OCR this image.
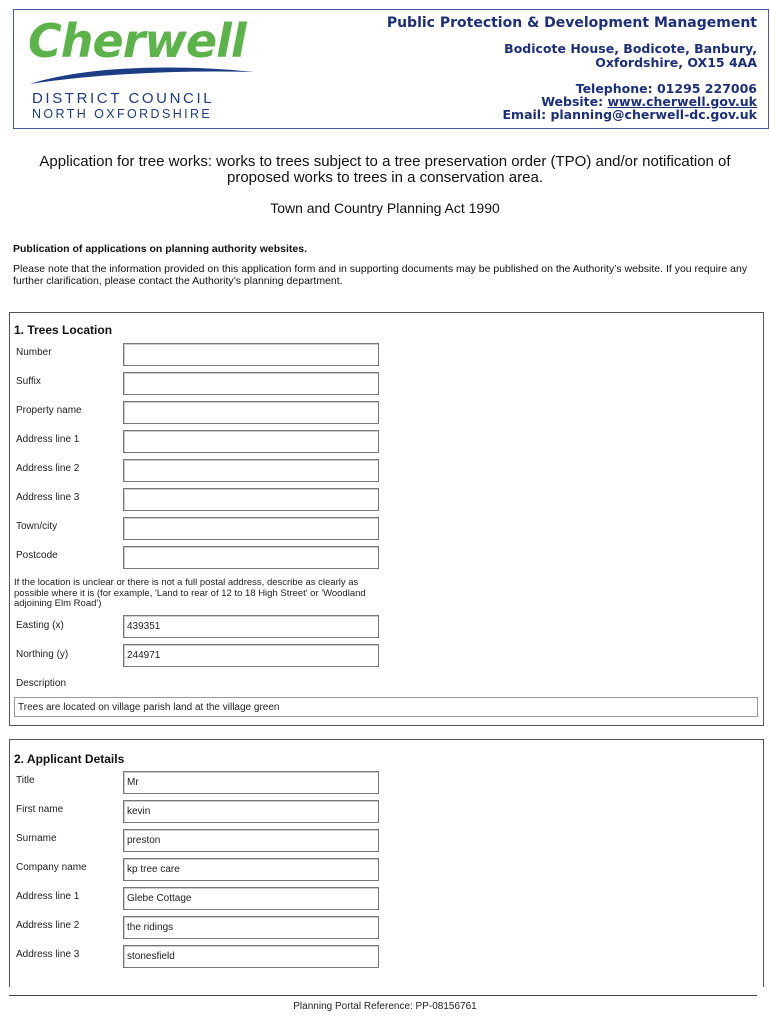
Cherwell
DISTRICT COUNCIL
NORTH OXFORDSHIRE
Public Protection & Development Management
Bodicote House, Bodicote, Banbury,
Oxfordshire, OX15 4AA
Telephone: 01295 227006
Website: www.cherwell.gov.uk
Email: planning@cherwell-dc.gov.uk
Application for tree works: works to trees subject to a tree preservation order (TPO) and/or notification of proposed works to trees in a conservation area.
Town and Country Planning Act 1990
Publication of applications on planning authority websites.
Please note that the information provided on this application form and in supporting documents may be published on the Authority’s website. If you require any further clarification, please contact the Authority’s planning department.
1. Trees Location
Number
Suffix
Property name
Address line 1
Address line 2
Address line 3
Town/city
Postcode
If the location is unclear or there is not a full postal address, describe as clearly as possible where it is (for example, 'Land to rear of 12 to 18 High Street' or 'Woodland adjoining Elm Road')
Easting (x)	439351
Northing (y)	244971
Description
Trees are located on village parish land at the village green
2. Applicant Details
Title	Mr
First name	kevin
Surname	preston
Company name	kp tree care
Address line 1	Glebe Cottage
Address line 2	the ridings
Address line 3	stonesfield
Planning Portal Reference: PP-08156761
